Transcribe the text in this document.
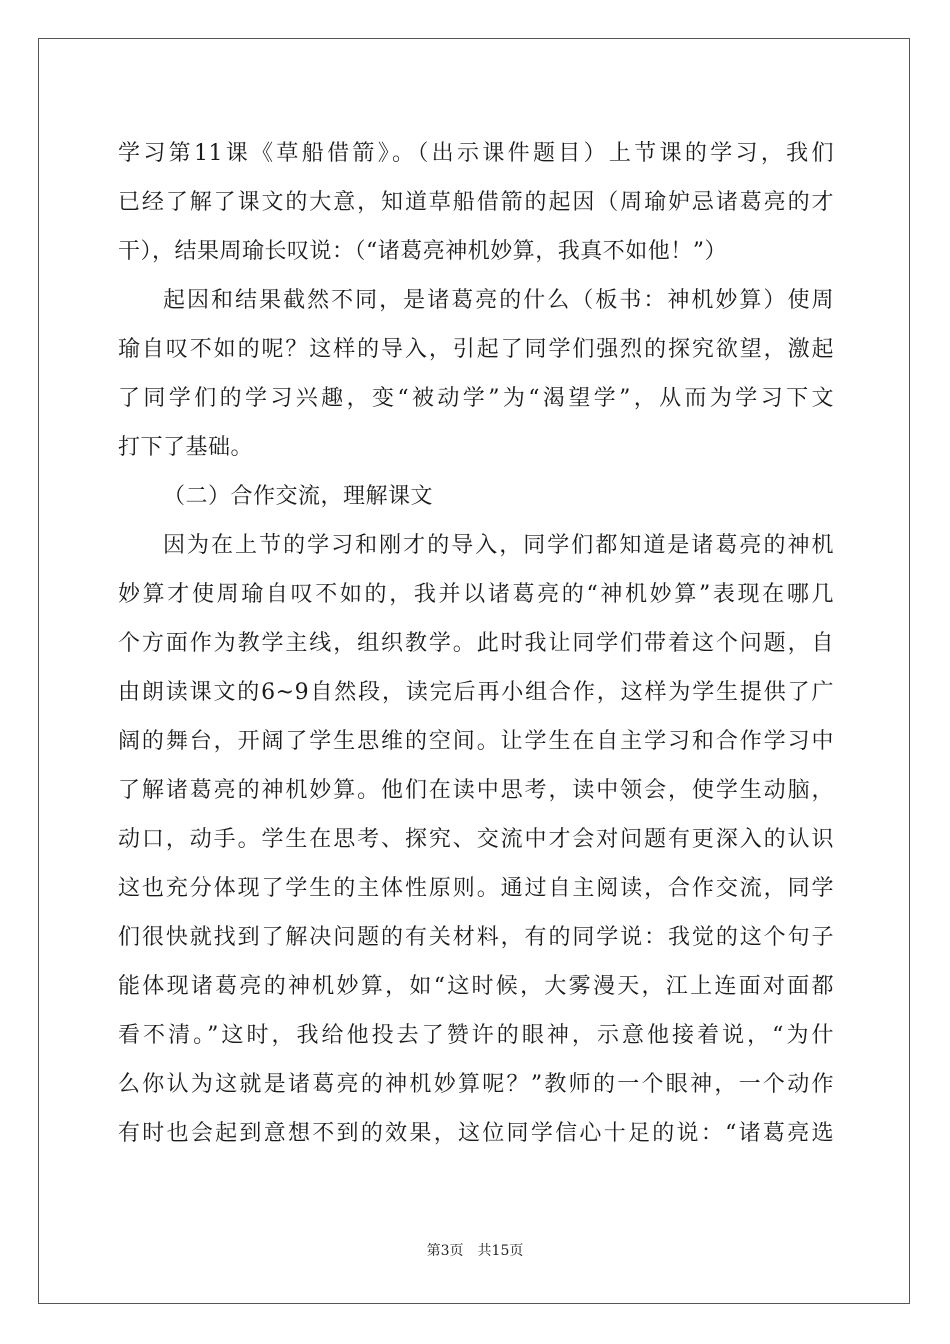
学习第11课《草船借箭》。（出示课件题目）上节课的学习，我们
已经了解了课文的大意，知道草船借箭的起因（周瑜妒忌诸葛亮的才
干），结果周瑜长叹说：（“诸葛亮神机妙算，我真不如他！”）
起因和结果截然不同，是诸葛亮的什么（板书：神机妙算）使周
瑜自叹不如的呢？这样的导入，引起了同学们强烈的探究欲望，激起
了同学们的学习兴趣，变“被动学”为“渴望学”，从而为学习下文
打下了基础。
（二）合作交流，理解课文
因为在上节的学习和刚才的导入，同学们都知道是诸葛亮的神机
妙算才使周瑜自叹不如的，我并以诸葛亮的“神机妙算”表现在哪几
个方面作为教学主线，组织教学。此时我让同学们带着这个问题，自
由朗读课文的6~9自然段，读完后再小组合作，这样为学生提供了广
阔的舞台，开阔了学生思维的空间。让学生在自主学习和合作学习中
了解诸葛亮的神机妙算。他们在读中思考，读中领会，使学生动脑，
动口，动手。学生在思考、探究、交流中才会对问题有更深入的认识
这也充分体现了学生的主体性原则。通过自主阅读，合作交流，同学
们很快就找到了解决问题的有关材料，有的同学说：我觉的这个句子
能体现诸葛亮的神机妙算，如“这时候，大雾漫天，江上连面对面都
看不清。”这时，我给他投去了赞许的眼神，示意他接着说，“为什
么你认为这就是诸葛亮的神机妙算呢？”教师的一个眼神，一个动作
有时也会起到意想不到的效果，这位同学信心十足的说：“诸葛亮选
第3页　共15页
